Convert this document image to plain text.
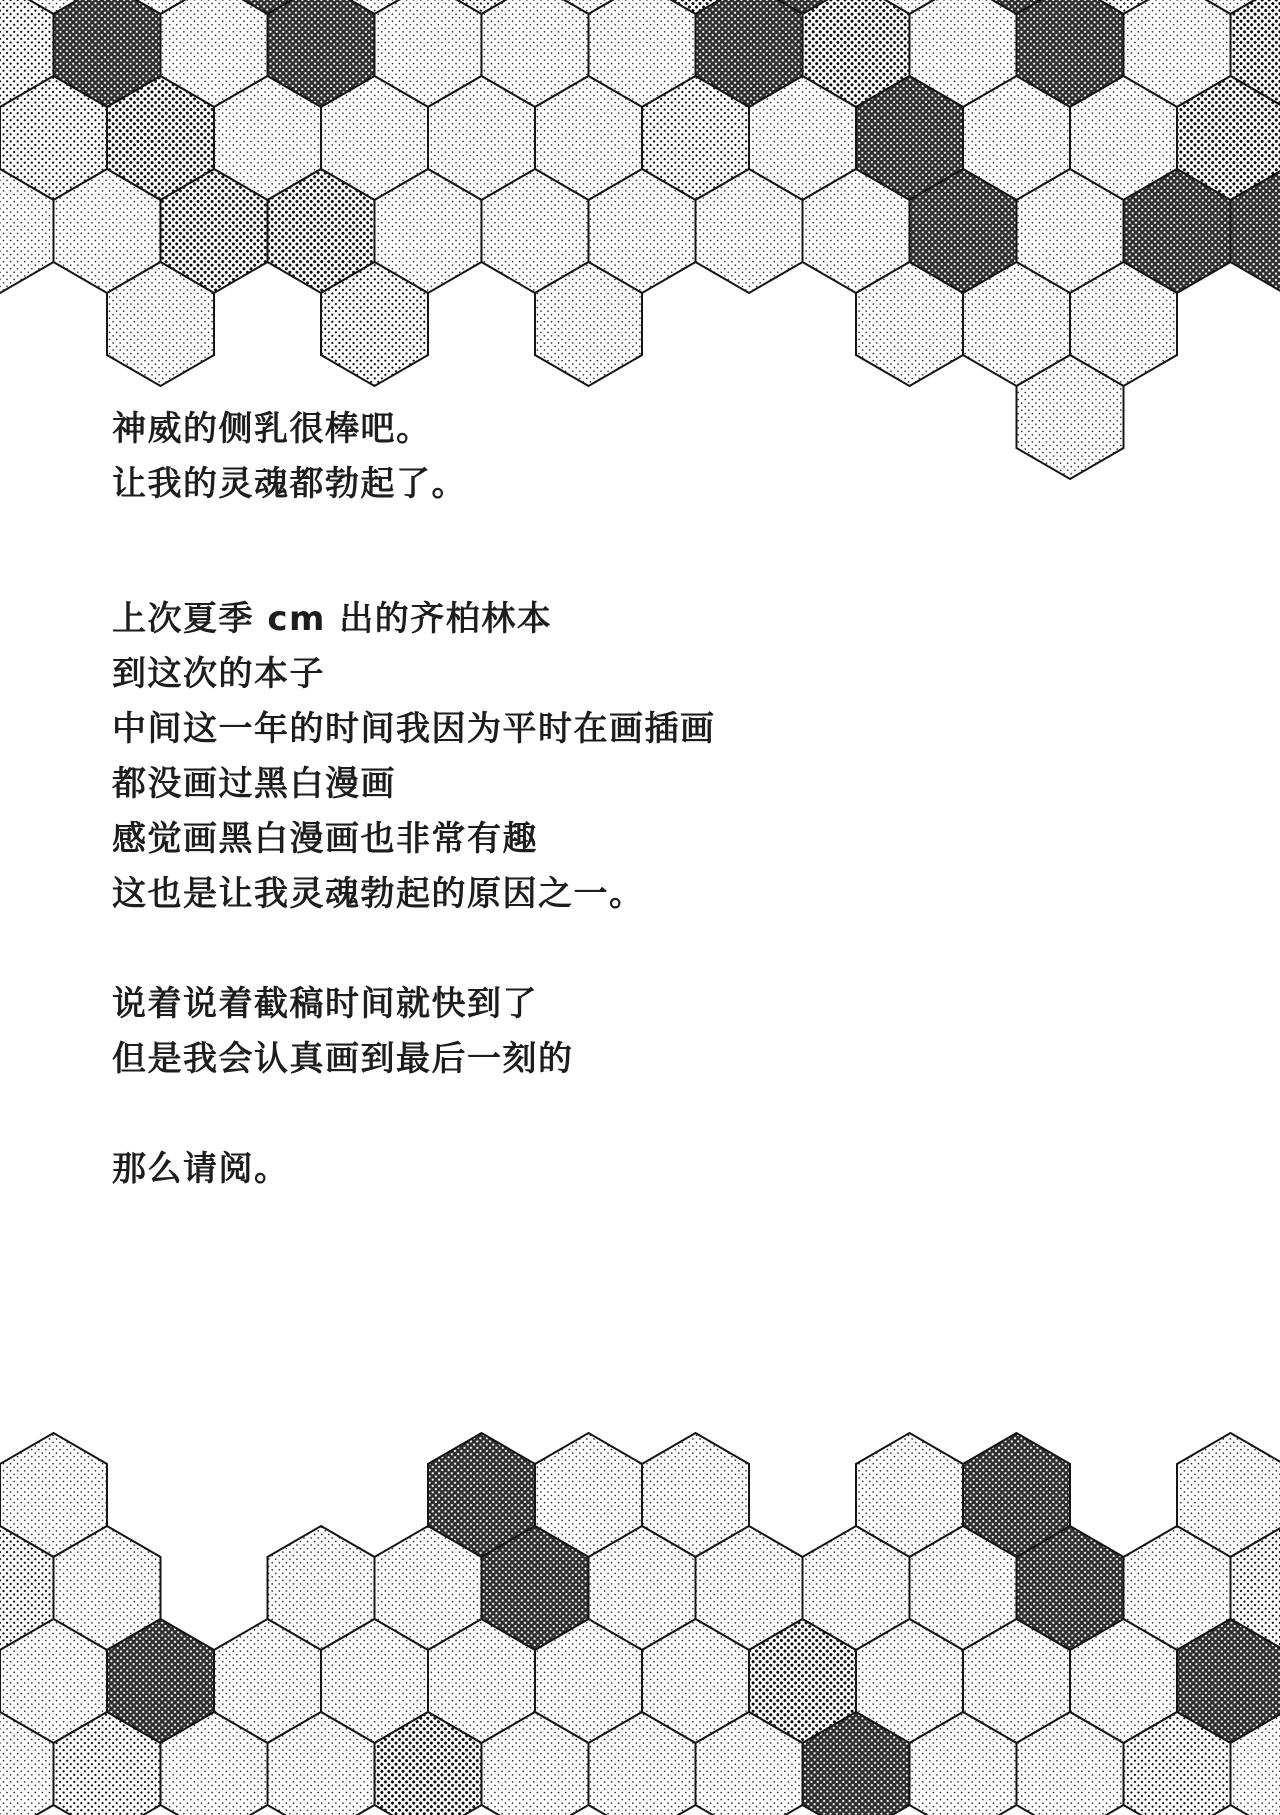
神威的侧乳很棒吧。
让我的灵魂都勃起了。
上次夏季 cm 出的齐柏林本
到这次的本子
中间这一年的时间我因为平时在画插画
都没画过黑白漫画
感觉画黑白漫画也非常有趣
这也是让我灵魂勃起的原因之一。
说着说着截稿时间就快到了
但是我会认真画到最后一刻的
那么请阅。
